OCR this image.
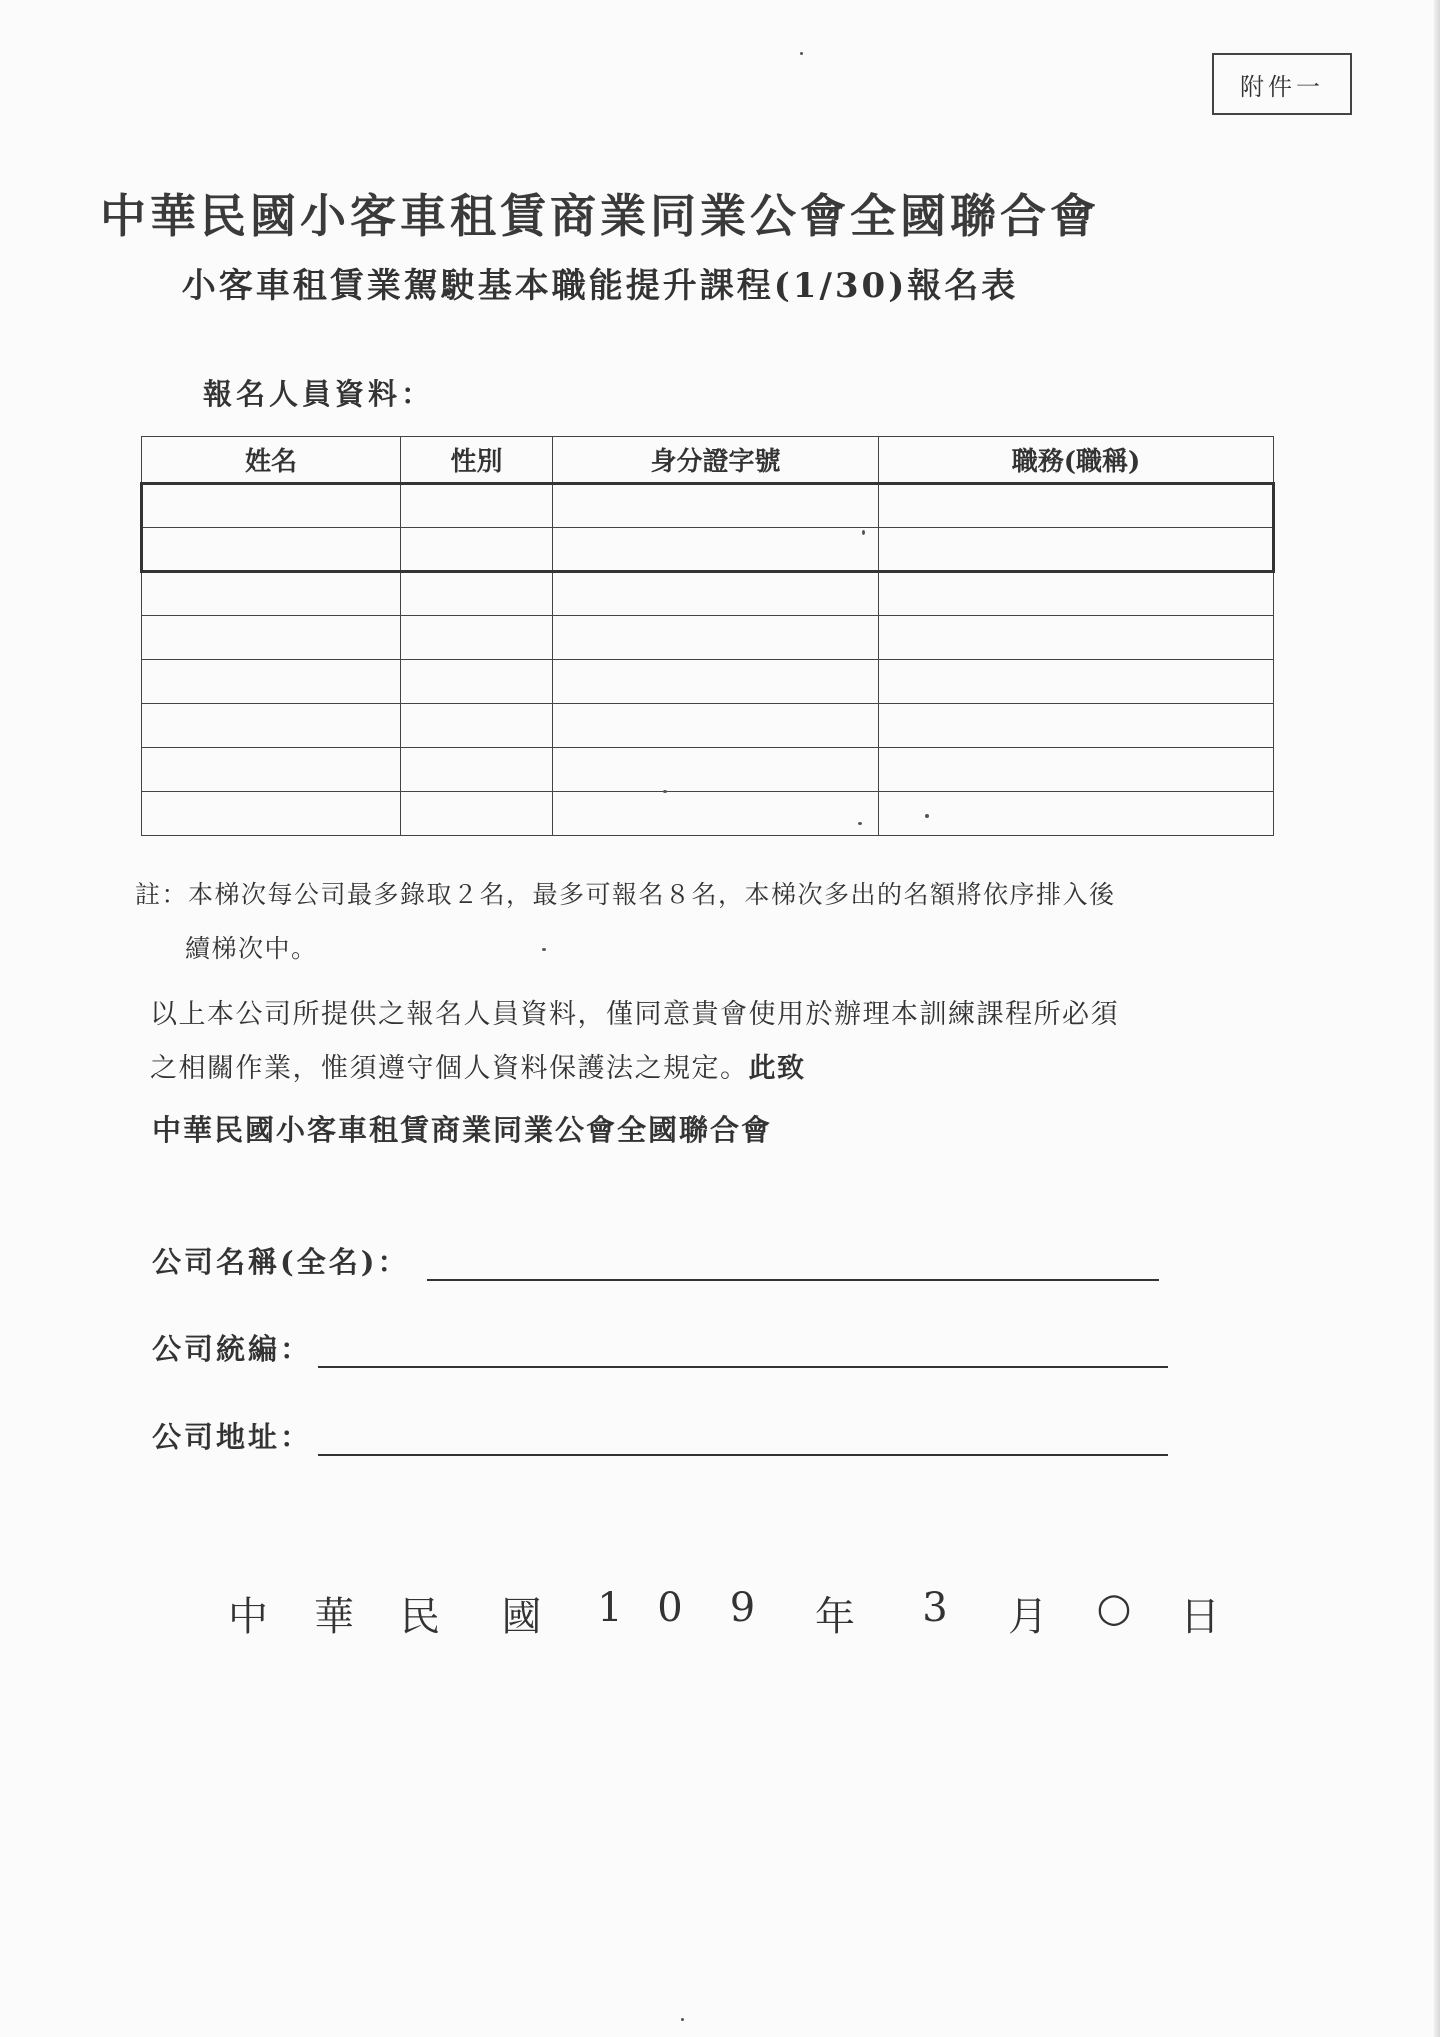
附件一
中華民國小客車租賃商業同業公會全國聯合會
小客車租賃業駕駛基本職能提升課程(1/30)報名表
報名人員資料：
姓名	性別	身分證字號	職務(職稱)

註：本梯次每公司最多錄取２名，最多可報名８名，本梯次多出的名額將依序排入後
續梯次中。
以上本公司所提供之報名人員資料，僅同意貴會使用於辦理本訓練課程所必須
之相關作業，惟須遵守個人資料保護法之規定。此致
中華民國小客車租賃商業同業公會全國聯合會
公司名稱(全名)：
公司統編：
公司地址：
中	華	民	國	1 0	9	年	3	月	○	日
